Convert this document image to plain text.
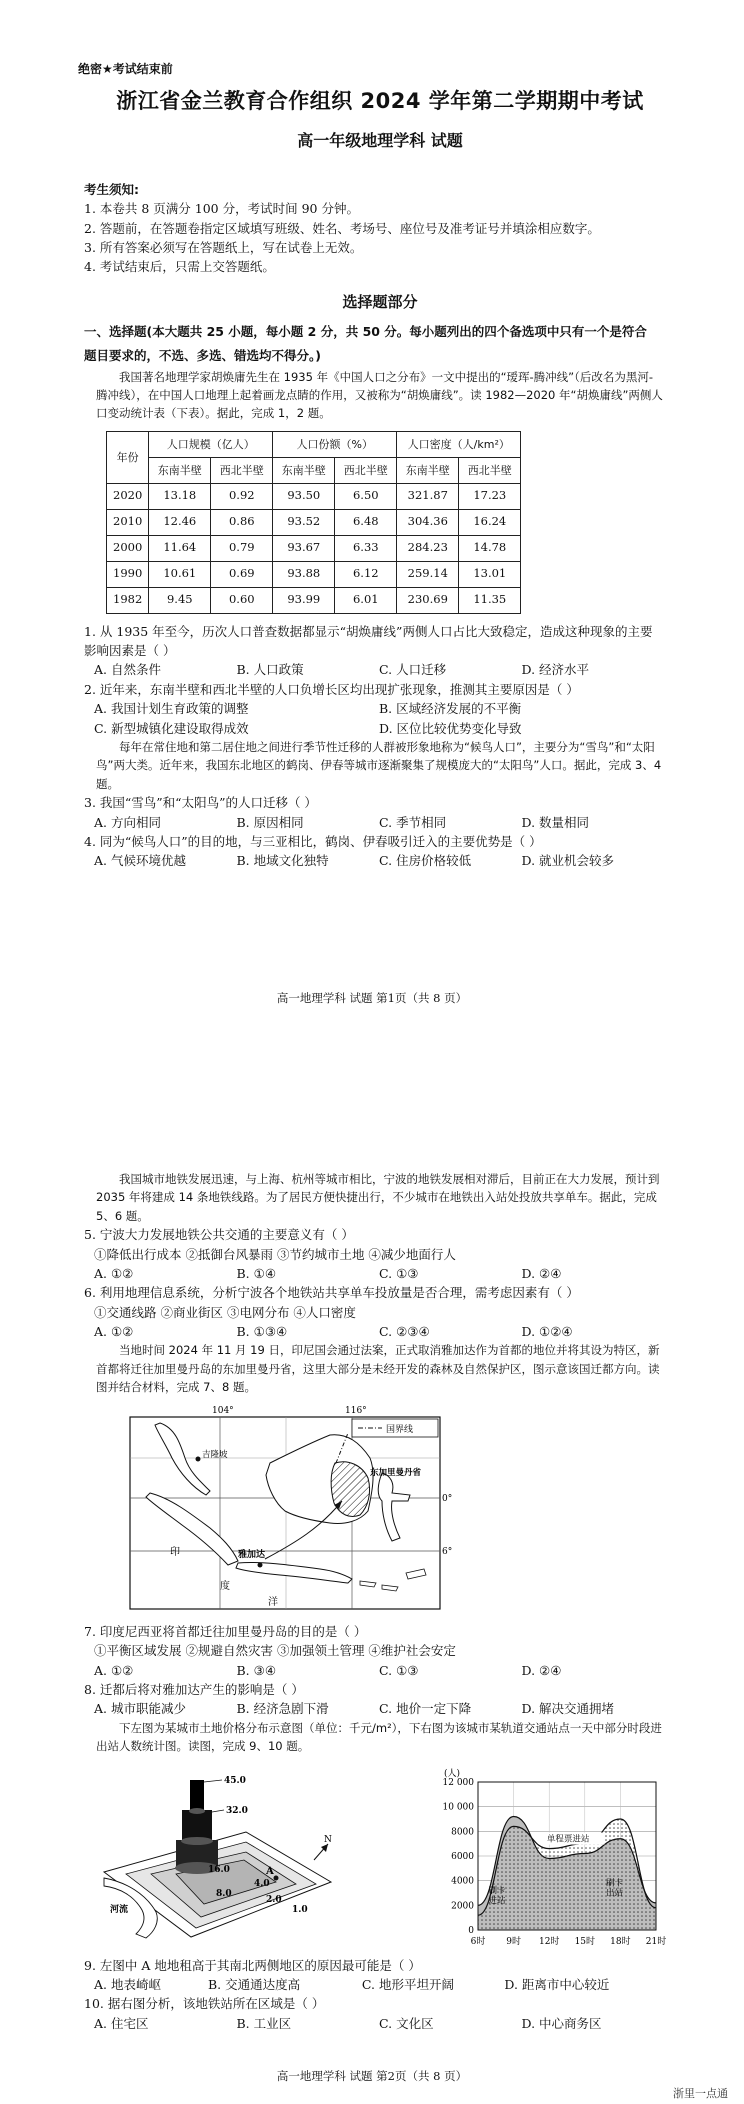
绝密★考试结束前
浙江省金兰教育合作组织 2024 学年第二学期期中考试
高一年级地理学科 试题
考生须知:

1. 本卷共 8 页满分 100 分，考试时间 90 分钟。

2. 答题前，在答题卷指定区域填写班级、姓名、考场号、座位号及准考证号并填涂相应数字。

3. 所有答案必须写在答题纸上，写在试卷上无效。

4. 考试结束后，只需上交答题纸。

选择题部分
一、选择题(本大题共 25 小题，每小题 2 分，共 50 分。每小题列出的四个备选项中只有一个是符合
题目要求的，不选、多选、错选均不得分。)

我国著名地理学家胡焕庸先生在 1935 年《中国人口之分布》一文中提出的“瑷珲-腾冲线”（后改名为黑河-腾冲线），在中国人口地理上起着画龙点睛的作用，又被称为“胡焕庸线”。读 1982—2020 年“胡焕庸线”两侧人口变动统计表（下表）。据此，完成 1，2 题。

年份	人口规模（亿人）		人口份额（%）		人口密度（人/km²）	
	东南半壁	西北半壁	东南半壁	西北半壁	东南半壁	西北半壁
2020	13.18	0.92	93.50	6.50	321.87	17.23
2010	12.46	0.86	93.52	6.48	304.36	16.24
2000	11.64	0.79	93.67	6.33	284.23	14.78
1990	10.61	0.69	93.88	6.12	259.14	13.01
1982	9.45	0.60	93.99	6.01	230.69	11.35
1. 从 1935 年至今，历次人口普查数据都显示“胡焕庸线”两侧人口占比大致稳定，造成这种现象的主要影响因素是（ ）
A. 自然条件	B. 人口政策	C. 人口迁移	D. 经济水平
2. 近年来，东南半壁和西北半壁的人口负增长区均出现扩张现象，推测其主要原因是（ ）
A. 我国计划生育政策的调整	B. 区域经济发展的不平衡
C. 新型城镇化建设取得成效	D. 区位比较优势变化导致

每年在常住地和第二居住地之间进行季节性迁移的人群被形象地称为“候鸟人口”，主要分为“雪鸟”和“太阳鸟”两大类。近年来，我国东北地区的鹤岗、伊春等城市逐渐聚集了规模庞大的“太阳鸟”人口。据此，完成 3、4 题。

3. 我国“雪鸟”和“太阳鸟”的人口迁移（ ）
A. 方向相同	B. 原因相同	C. 季节相同	D. 数量相同
4. 同为“候鸟人口”的目的地，与三亚相比，鹤岗、伊春吸引迁入的主要优势是（ ）
A. 气候环境优越	B. 地域文化独特	C. 住房价格较低	D. 就业机会较多
高一地理学科 试题 第1页（共 8 页）

我国城市地铁发展迅速，与上海、杭州等城市相比，宁波的地铁发展相对滞后，目前正在大力发展，预计到 2035 年将建成 14 条地铁线路。为了居民方便快捷出行，不少城市在地铁出入站处投放共享单车。据此，完成 5、6 题。

5. 宁波大力发展地铁公共交通的主要意义有（ ）
①降低出行成本 ②抵御台风暴雨 ③节约城市土地 ④减少地面行人
A. ①②	B. ①④	C. ①③	D. ②④
6. 利用地理信息系统，分析宁波各个地铁站共享单车投放量是否合理，需考虑因素有（ ）
①交通线路 ②商业街区 ③电网分布 ④人口密度
A. ①②	B. ①③④	C. ②③④	D. ①②④

当地时间 2024 年 11 月 19 日，印尼国会通过法案，正式取消雅加达作为首都的地位并将其设为特区，新首都将迁往加里曼丹岛的东加里曼丹省，这里大部分是未经开发的森林及自然保护区，图示意该国迁都方向。读图并结合材料，完成 7、8 题。

104°	116°
0°
6°
国界线
吉隆坡
雅加达
东加里曼丹省
印
度
洋
7. 印度尼西亚将首都迁往加里曼丹岛的目的是（ ）
①平衡区域发展 ②规避自然灾害 ③加强领土管理 ④维护社会安定
A. ①②	B. ③④	C. ①③	D. ②④
8. 迁都后将对雅加达产生的影响是（ ）
A. 城市职能减少	B. 经济急剧下滑	C. 地价一定下降	D. 解决交通拥堵

下左图为某城市土地价格分布示意图（单位：千元/m²），下右图为该城市某轨道交通站点一天中部分时段进出站人数统计图。读图，完成 9、10 题。

45.0
32.0
16.0
8.0
4.0
2.0
1.0
河流
A
N
0
2000
4000
6000
8000
10 000
12 000
6时 9时 12时 15时 18时 21时
(人)
刷卡
进站
刷卡
出站
单程票进站
9. 左图中 A 地地租高于其南北两侧地区的原因最可能是（ ）
A. 地表崎岖	B. 交通通达度高	C. 地形平坦开阔	D. 距离市中心较近
10. 据右图分析，该地铁站所在区域是（ ）
A. 住宅区	B. 工业区	C. 文化区	D. 中心商务区
高一地理学科 试题 第2页（共 8 页）
浙里一点通
